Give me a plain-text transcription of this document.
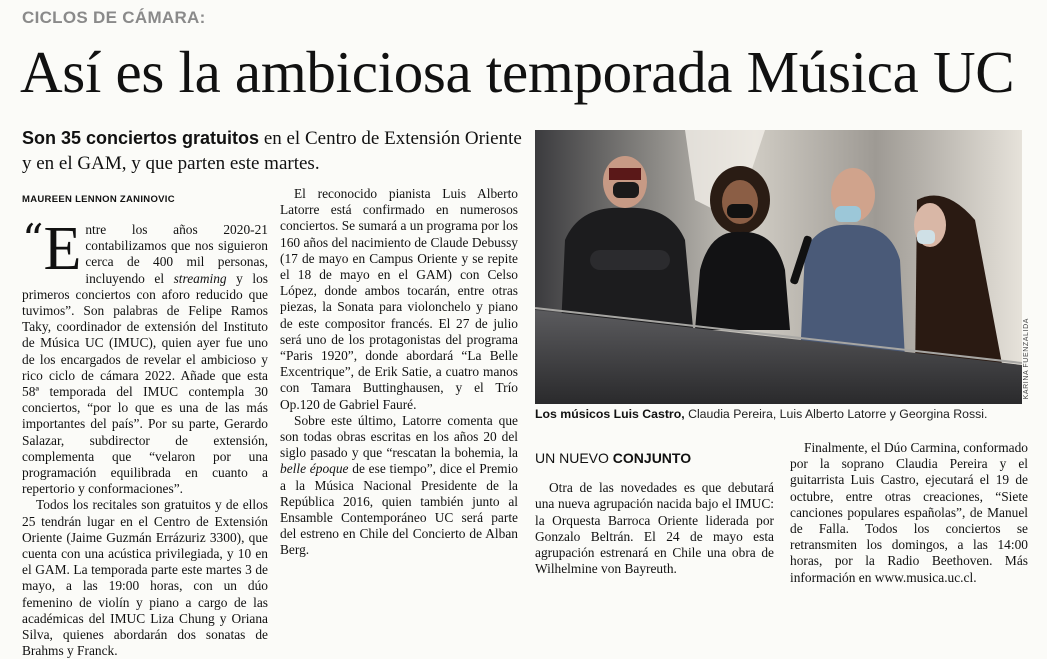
CICLOS DE CÁMARA:
Así es la ambiciosa temporada Música UC
Son 35 conciertos gratuitos en el Centro de Extensión Oriente y en el GAM, y que parten este martes.
MAUREEN LENNON ZANINOVIC

“ E ntre los años 2020-21 contabilizamos que nos siguieron cerca de 400 mil personas, incluyendo el streaming y los primeros conciertos con aforo reducido que tuvimos”. Son palabras de Felipe Ramos Taky, coordinador de extensión del Instituto de Música UC (IMUC), quien ayer fue uno de los encargados de revelar el ambicioso y rico ciclo de cámara 2022. Añade que esta 58ª temporada del IMUC contempla 30 conciertos, “por lo que es una de las más importantes del país”. Por su parte, Gerardo Salazar, subdirector de extensión, complementa que “velaron por una programación equilibrada en cuanto a repertorio y conformaciones”.

Todos los recitales son gratuitos y de ellos 25 tendrán lugar en el Centro de Extensión Oriente (Jaime Guzmán Errázuriz 3300), que cuenta con una acústica privilegiada, y 10 en el GAM. La temporada parte este martes 3 de mayo, a las 19:00 horas, con un dúo femenino de violín y piano a cargo de las académicas del IMUC Liza Chung y Oriana Silva, quienes abordarán dos sonatas de Brahms y Franck.

El reconocido pianista Luis Alberto Latorre está confirmado en numerosos conciertos. Se sumará a un programa por los 160 años del nacimiento de Claude Debussy (17 de mayo en Campus Oriente y se repite el 18 de mayo en el GAM) con Celso López, donde ambos tocarán, entre otras piezas, la Sonata para violonchelo y piano de este compositor francés. El 27 de julio será uno de los protagonistas del programa “Paris 1920”, donde abordará “La Belle Excentrique”, de Erik Satie, a cuatro manos con Tamara Buttinghausen, y el Trío Op.120 de Gabriel Fauré.

Sobre este último, Latorre comenta que son todas obras escritas en los años 20 del siglo pasado y que “rescatan la bohemia, la belle époque de ese tiempo”, dice el Premio a la Música Nacional Presidente de la República 2016, quien también junto al Ensamble Contemporáneo UC será parte del estreno en Chile del Concierto de Alban Berg.

UN NUEVO CONJUNTO

Otra de las novedades es que debutará una nueva agrupación nacida bajo el IMUC: la Orquesta Barroca Oriente liderada por Gonzalo Beltrán. El 24 de mayo esta agrupación estrenará en Chile una obra de Wilhelmine von Bayreuth.

Finalmente, el Dúo Carmina, conformado por la soprano Claudia Pereira y el guitarrista Luis Castro, ejecutará el 19 de octubre, entre otras creaciones, “Siete canciones populares españolas”, de Manuel de Falla. Todos los conciertos se retransmiten los domingos, a las 14:00 horas, por la Radio Beethoven. Más información en www.musica.uc.cl.

KARINA FUENZALIDA
Los músicos Luis Castro, Claudia Pereira, Luis Alberto Latorre y Georgina Rossi.
